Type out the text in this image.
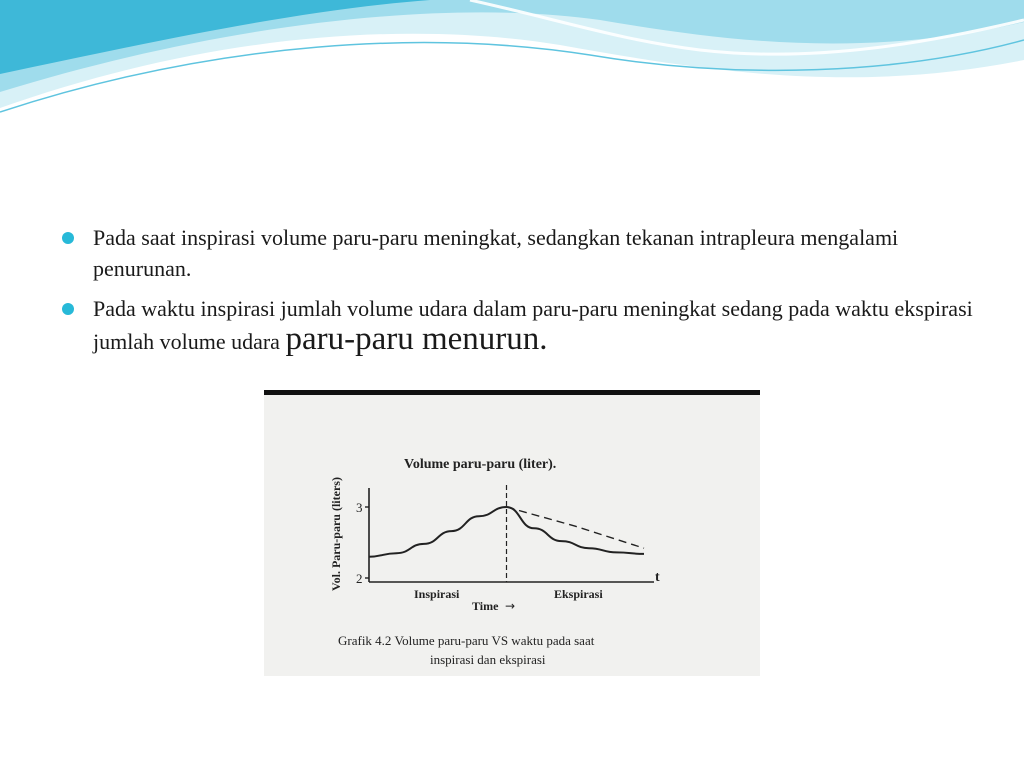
Pada saat inspirasi volume paru-paru meningkat, sedangkan tekanan intrapleura mengalami penurunan.
Pada waktu inspirasi jumlah volume udara dalam paru-paru meningkat sedang pada waktu ekspirasi jumlah volume udara paru-paru menurun.
Volume paru-paru (liter).
Vol. Paru-paru (liters) 3
2	t
Inspirasi	Ekspirasi
Time →
Grafik 4.2 Volume paru-paru VS waktu pada saat
inspirasi dan ekspirasi
